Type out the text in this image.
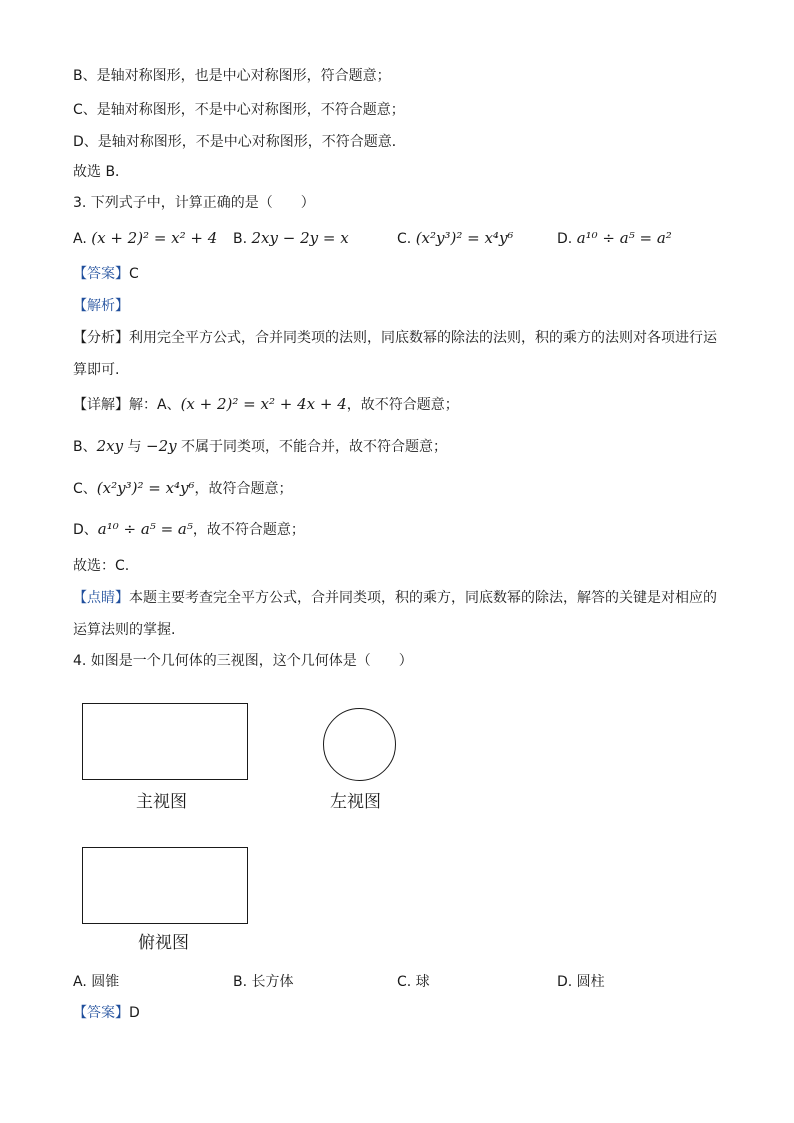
B、是轴对称图形，也是中心对称图形，符合题意；
C、是轴对称图形，不是中心对称图形，不符合题意；
D、是轴对称图形，不是中心对称图形，不符合题意．
故选 B．
3. 下列式子中，计算正确的是（　　）
A. (x + 2)² = x² + 4 B. 2xy − 2y = x	C. (x²y³)² = x⁴y⁶	D. a¹⁰ ÷ a⁵ = a²
【答案】C
【解析】
【分析】利用完全平方公式，合并同类项的法则，同底数幂的除法的法则，积的乘方的法则对各项进行运
算即可.
【详解】解：A、(x + 2)² = x² + 4x + 4，故不符合题意；
B、2xy 与 −2y 不属于同类项，不能合并，故不符合题意；
C、(x²y³)² = x⁴y⁶，故符合题意；
D、a¹⁰ ÷ a⁵ = a⁵，故不符合题意；
故选：C.
【点睛】本题主要考查完全平方公式，合并同类项，积的乘方，同底数幂的除法，解答的关键是对相应的
运算法则的掌握.
4. 如图是一个几何体的三视图，这个几何体是（　　）
主视图	左视图
俯视图
A. 圆锥	B. 长方体	C. 球	D. 圆柱
【答案】D
